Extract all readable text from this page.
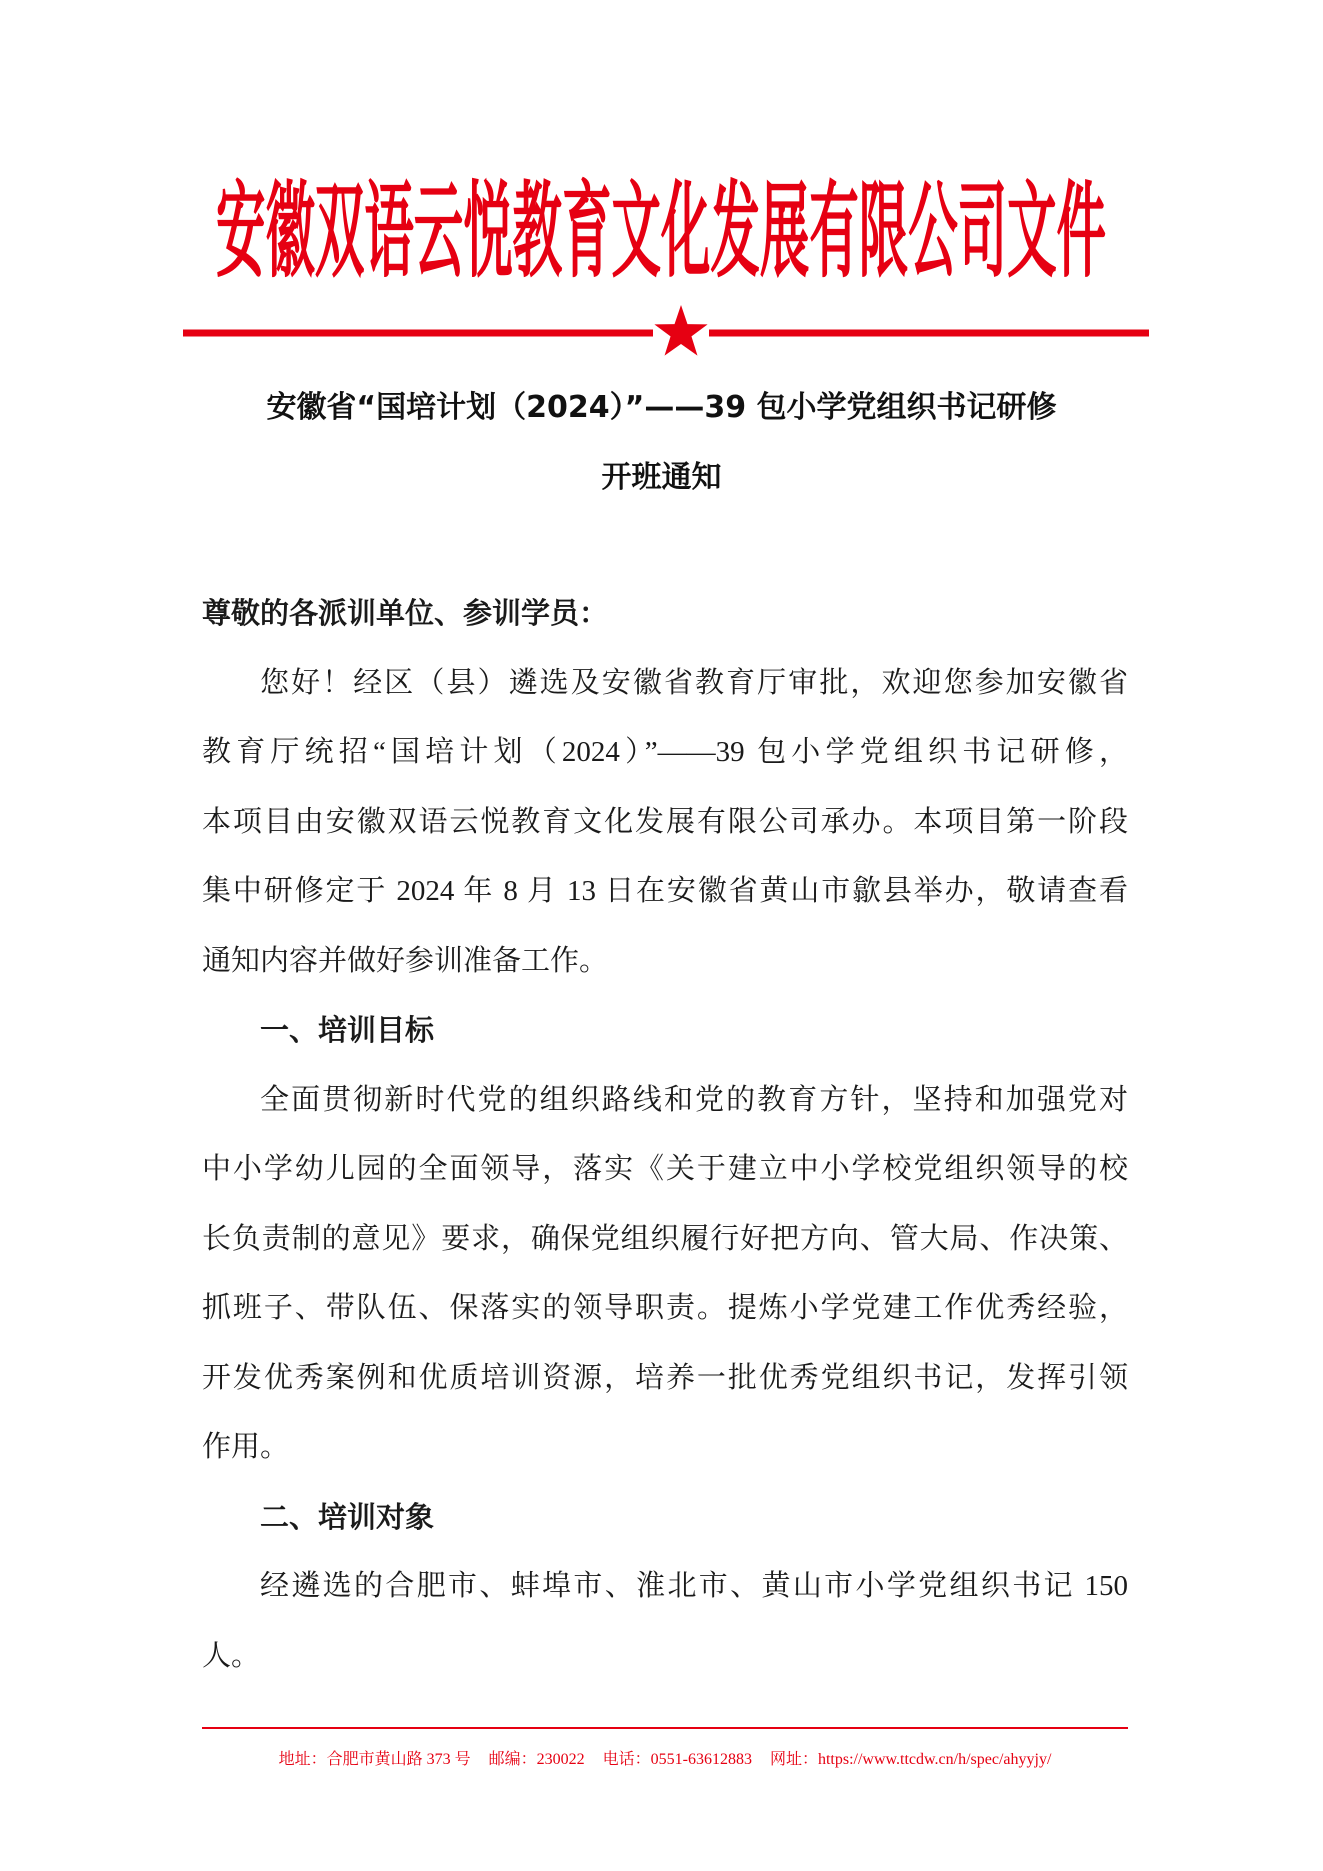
安徽双语云悦教育文化发展有限公司文件
安徽省“国培计划（2024）”——39 包小学党组织书记研修
开班通知
尊敬的各派训单位、参训学员：
您好！经区（县）遴选及安徽省教育厅审批，欢迎您参加安徽省
教育厅统招“国培计划（2024）”——39 包小学党组织书记研修，
本项目由安徽双语云悦教育文化发展有限公司承办。本项目第一阶段
集中研修定于 2024 年 8 月 13 日在安徽省黄山市歙县举办，敬请查看
通知内容并做好参训准备工作。
一、培训目标
全面贯彻新时代党的组织路线和党的教育方针，坚持和加强党对
中小学幼儿园的全面领导，落实《关于建立中小学校党组织领导的校
长负责制的意见》要求，确保党组织履行好把方向、管大局、作决策、
抓班子、带队伍、保落实的领导职责。提炼小学党建工作优秀经验，
开发优秀案例和优质培训资源，培养一批优秀党组织书记，发挥引领
作用。
二、培训对象
经遴选的合肥市、蚌埠市、淮北市、黄山市小学党组织书记 150
人。
地址：合肥市黄山路 373 号 邮编：230022 电话：0551-63612883 网址：https://www.ttcdw.cn/h/spec/ahyyjy/
